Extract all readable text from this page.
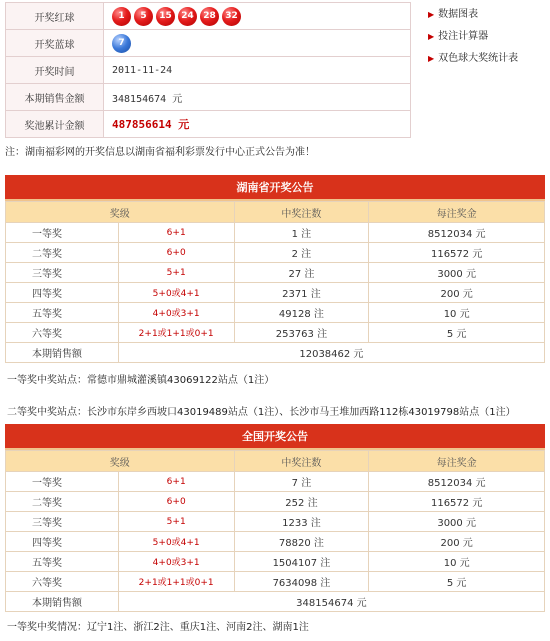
开奖红球	1 5 15 24 28 32
开奖蓝球	7
开奖时间	2011-11-24
本期销售金额	348154674 元
奖池累计金额	487856614 元
▶ 数据图表
▶ 投注计算器
▶ 双色球大奖统计表
注：湖南福彩网的开奖信息以湖南省福利彩票发行中心正式公告为准！
湖南省开奖公告
奖级		中奖注数	每注奖金
一等奖	6+1	1 注	8512034 元
二等奖	6+0	2 注	116572 元
三等奖	5+1	27 注	3000 元
四等奖	5+0或4+1	2371 注	200 元
五等奖	4+0或3+1	49128 注	10 元
六等奖	2+1或1+1或0+1	253763 注	5 元
本期销售额	12038462 元		
一等奖中奖站点：常德市鼎城灌溪镇43069122站点（1注）
二等奖中奖站点：长沙市东岸乡西坡口43019489站点（1注）、长沙市马王堆加西路112栋43019798站点（1注）
全国开奖公告
奖级		中奖注数	每注奖金
一等奖	6+1	7 注	8512034 元
二等奖	6+0	252 注	116572 元
三等奖	5+1	1233 注	3000 元
四等奖	5+0或4+1	78820 注	200 元
五等奖	4+0或3+1	1504107 注	10 元
六等奖	2+1或1+1或0+1	7634098 注	5 元
本期销售额	348154674 元		
一等奖中奖情况：辽宁1注、浙江2注、重庆1注、河南2注、湖南1注
